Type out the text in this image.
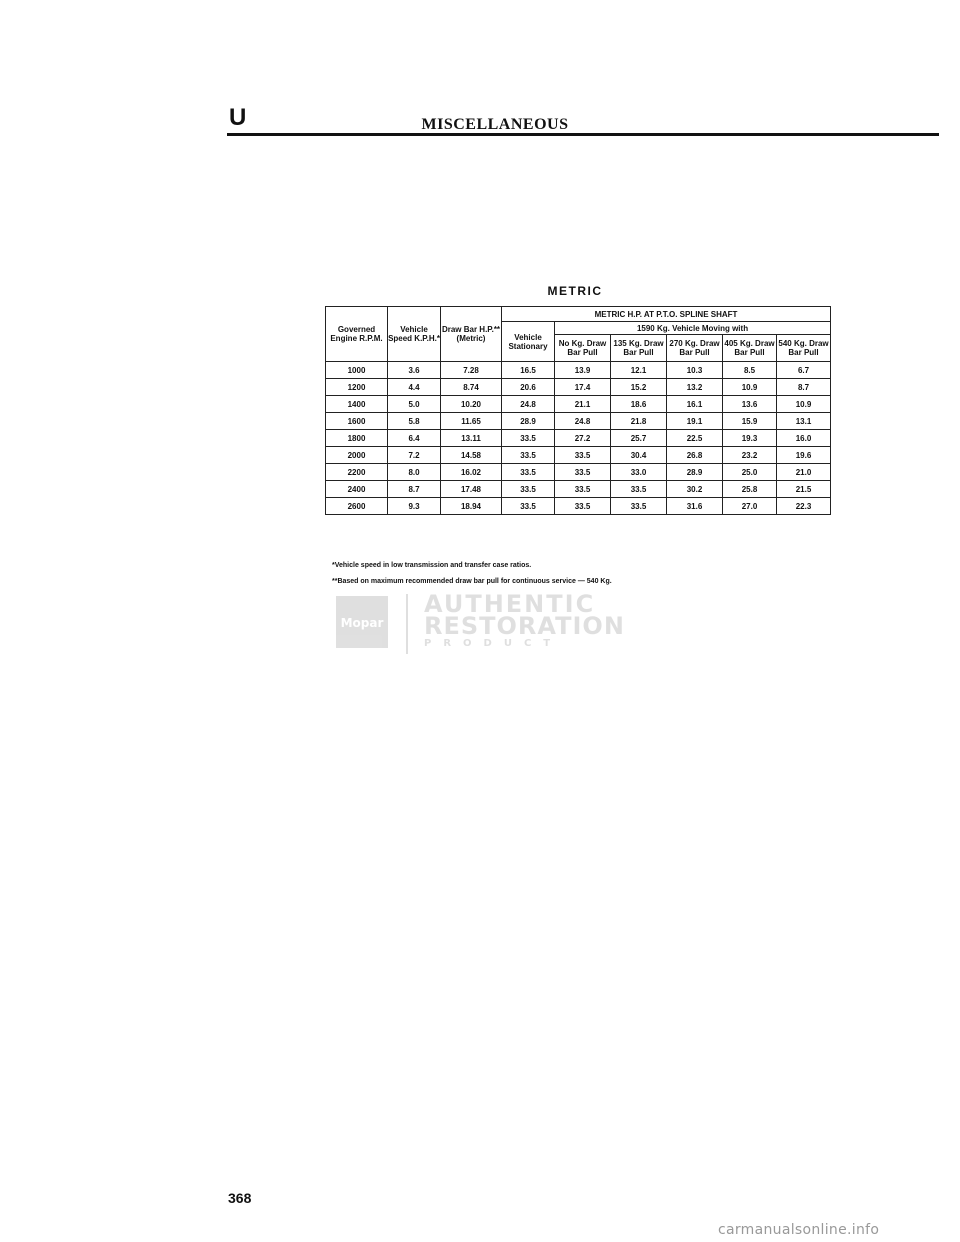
U	MISCELLANEOUS
METRIC
Governed Engine R.P.M.	Vehicle Speed K.P.H.*	Draw Bar H.P.** (Metric)	METRIC H.P. AT P.T.O. SPLINE SHAFT					
			Vehicle Stationary	1590 Kg. Vehicle Moving with				
				No Kg. Draw Bar Pull	135 Kg. Draw Bar Pull	270 Kg. Draw Bar Pull	405 Kg. Draw Bar Pull	540 Kg. Draw Bar Pull
1000	3.6	7.28	16.5	13.9	12.1	10.3	8.5	6.7
1200	4.4	8.74	20.6	17.4	15.2	13.2	10.9	8.7
1400	5.0	10.20	24.8	21.1	18.6	16.1	13.6	10.9
1600	5.8	11.65	28.9	24.8	21.8	19.1	15.9	13.1
1800	6.4	13.11	33.5	27.2	25.7	22.5	19.3	16.0
2000	7.2	14.58	33.5	33.5	30.4	26.8	23.2	19.6
2200	8.0	16.02	33.5	33.5	33.0	28.9	25.0	21.0
2400	8.7	17.48	33.5	33.5	33.5	30.2	25.8	21.5
2600	9.3	18.94	33.5	33.5	33.5	31.6	27.0	22.3
*Vehicle speed in low transmission and transfer case ratios.
**Based on maximum recommended draw bar pull for continuous service — 540 Kg.
Mopar
AUTHENTIC
RESTORATION
PRODUCT
368
carmanualsonline.info
